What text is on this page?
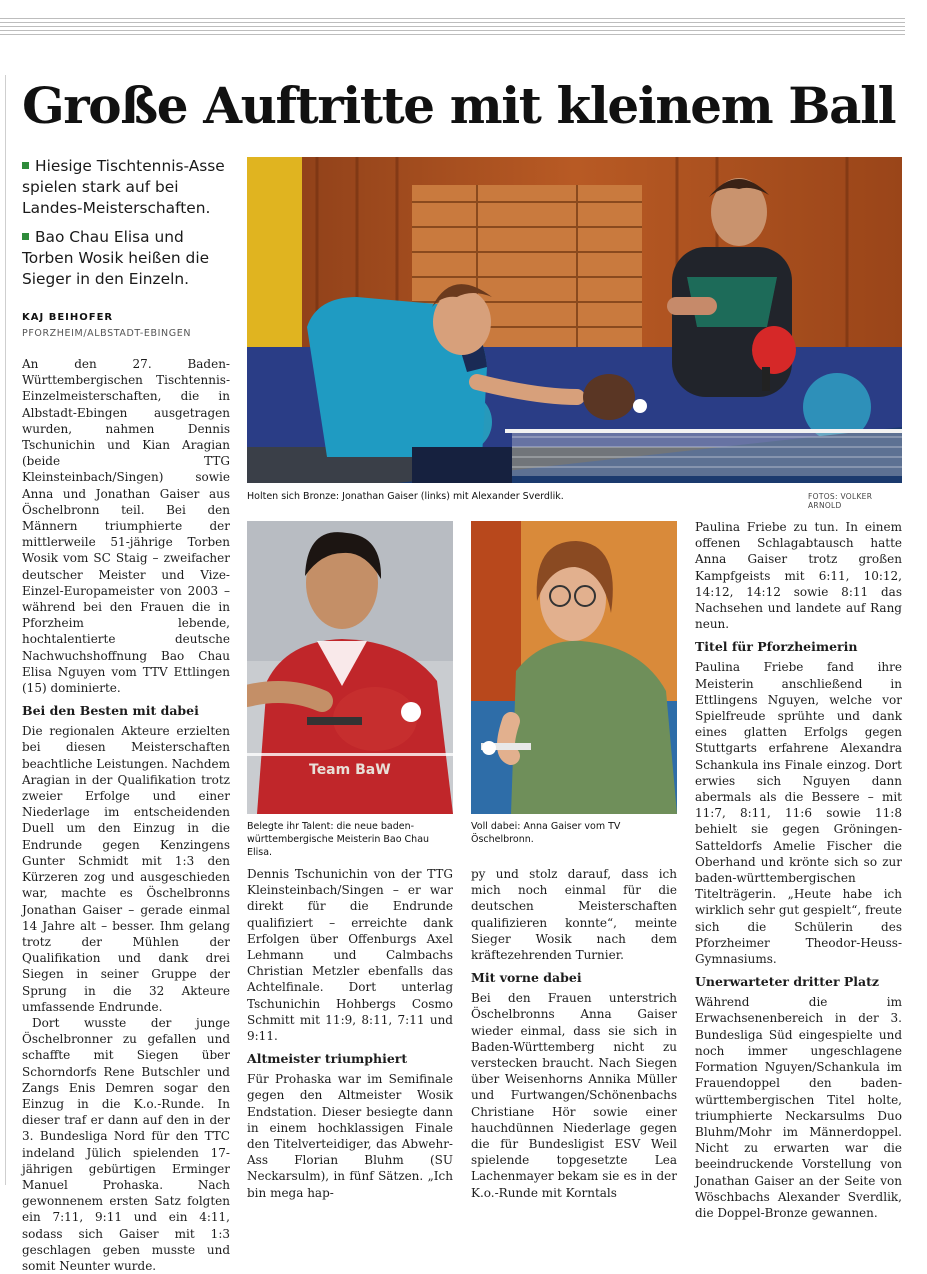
Große Auftritte mit kleinem Ball

Hiesige Tischtennis-Asse spielen stark auf bei Landes-Meisterschaften.

Bao Chau Elisa und Torben Wosik heißen die Sieger in den Einzeln.

KAJ BEIHOFER

PFORZHEIM/ALBSTADT-EBINGEN

Holten sich Bronze: Jonathan Gaiser (links) mit Alexander Sverdlik.	FOTOS: VOLKER ARNOLD

Team BaW

Belegte ihr Talent: die neue baden-württembergische Meisterin Bao Chau Elisa.

Voll dabei: Anna Gaiser vom TV Öschelbronn.

An den 27. Baden-Württembergischen Tischtennis-Einzelmeisterschaften, die in Albstadt-Ebingen ausgetragen wurden, nahmen Dennis Tschunichin und Kian Aragian (beide TTG Kleinsteinbach/Singen) sowie Anna und Jonathan Gaiser aus Öschelbronn teil. Bei den Männern triumphierte der mittlerweile 51-jährige Torben Wosik vom SC Staig – zweifacher deutscher Meister und Vize-Einzel-Europameister von 2003 – während bei den Frauen die in Pforzheim lebende, hochtalentierte deutsche Nachwuchshoffnung Bao Chau Elisa Nguyen vom TTV Ettlingen (15) dominierte.

Bei den Besten mit dabei

Die regionalen Akteure erzielten bei diesen Meisterschaften beachtliche Leistungen. Nachdem Aragian in der Qualifikation trotz zweier Erfolge und einer Niederlage im entscheidenden Duell um den Einzug in die Endrunde gegen Kenzingens Gunter Schmidt mit 1:3 den Kürzeren zog und ausgeschieden war, machte es Öschelbronns Jonathan Gaiser – gerade einmal 14 Jahre alt – besser. Ihm gelang trotz der Mühlen der Qualifikation und dank drei Siegen in seiner Gruppe der Sprung in die 32 Akteure umfassende Endrunde.

Dort wusste der junge Öschelbronner zu gefallen und schaffte mit Siegen über Schorndorfs Rene Butschler und Zangs Enis Demren sogar den Einzug in die K.o.-Runde. In dieser traf er dann auf den in der 3. Bundesliga Nord für den TTC indeland Jülich spielenden 17-jährigen gebürtigen Erminger Manuel Prohaska. Nach gewonnenem ersten Satz folgten ein 7:11, 9:11 und ein 4:11, sodass sich Gaiser mit 1:3 geschlagen geben musste und somit Neunter wurde.

Dennis Tschunichin von der TTG Kleinsteinbach/Singen – er war direkt für die Endrunde qualifiziert – erreichte dank Erfolgen über Offenburgs Axel Lehmann und Calmbachs Christian Metzler ebenfalls das Achtelfinale. Dort unterlag Tschunichin Hohbergs Cosmo Schmitt mit 11:9, 8:11, 7:11 und 9:11.

Altmeister triumphiert

Für Prohaska war im Semifinale gegen den Altmeister Wosik Endstation. Dieser besiegte dann in einem hochklassigen Finale den Titelverteidiger, das Abwehr-Ass Florian Bluhm (SU Neckarsulm), in fünf Sätzen. „Ich bin mega hap-

py und stolz darauf, dass ich mich noch einmal für die deutschen Meisterschaften qualifizieren konnte“, meinte Sieger Wosik nach dem kräftezehrenden Turnier.

Mit vorne dabei

Bei den Frauen unterstrich Öschelbronns Anna Gaiser wieder einmal, dass sie sich in Baden-Württemberg nicht zu verstecken braucht. Nach Siegen über Weisenhorns Annika Müller und Furtwangen/Schönenbachs Christiane Hör sowie einer hauchdünnen Niederlage gegen die für Bundesligist ESV Weil spielende topgesetzte Lea Lachenmayer bekam sie es in der K.o.-Runde mit Korntals

Paulina Friebe zu tun. In einem offenen Schlagabtausch hatte Anna Gaiser trotz großen Kampfgeists mit 6:11, 10:12, 14:12, 14:12 sowie 8:11 das Nachsehen und landete auf Rang neun.

Titel für Pforzheimerin

Paulina Friebe fand ihre Meisterin anschließend in Ettlingens Nguyen, welche vor Spielfreude sprühte und dank eines glatten Erfolgs gegen Stuttgarts erfahrene Alexandra Schankula ins Finale einzog. Dort erwies sich Nguyen dann abermals als die Bessere – mit 11:7, 8:11, 11:6 sowie 11:8 behielt sie gegen Gröningen-Satteldorfs Amelie Fischer die Oberhand und krönte sich so zur baden-württembergischen Titelträgerin. „Heute habe ich wirklich sehr gut gespielt“, freute sich die Schülerin des Pforzheimer Theodor-Heuss-Gymnasiums.

Unerwarteter dritter Platz

Während die im Erwachsenenbereich in der 3. Bundesliga Süd eingespielte und noch immer ungeschlagene Formation Nguyen/Schankula im Frauendoppel den baden-württembergischen Titel holte, triumphierte Neckarsulms Duo Bluhm/Mohr im Männerdoppel. Nicht zu erwarten war die beeindruckende Vorstellung von Jonathan Gaiser an der Seite von Wöschbachs Alexander Sverdlik, die Doppel-Bronze gewannen.
